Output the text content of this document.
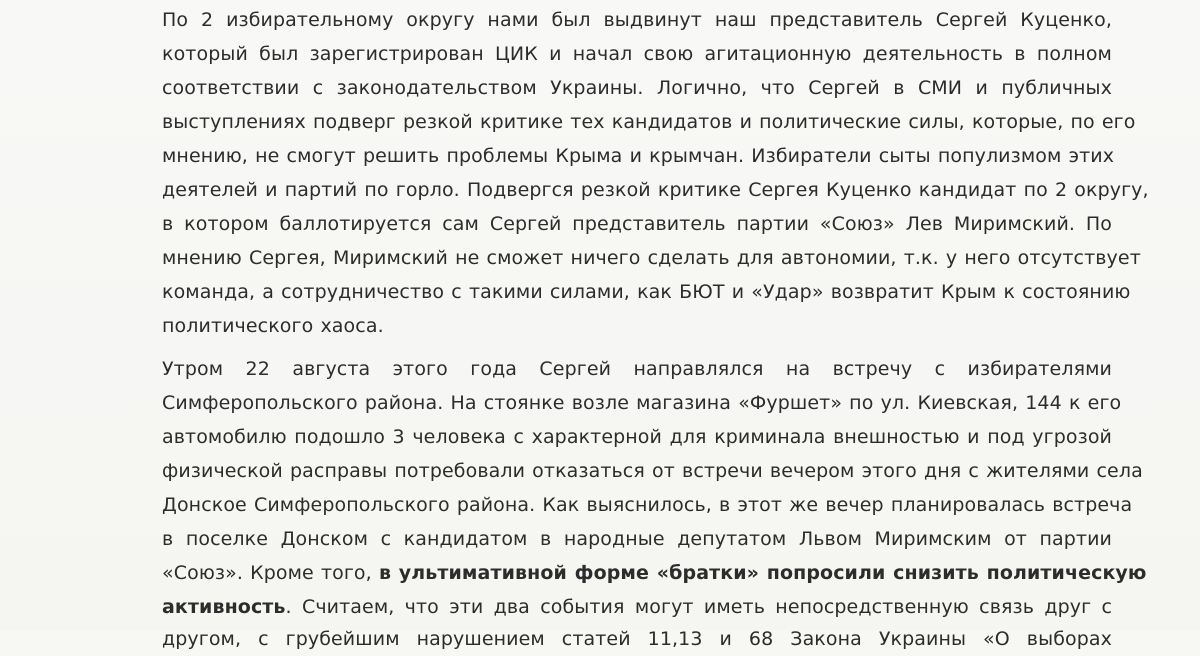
По 2 избирательному округу нами был выдвинут наш представитель Сергей Куценко,
который был зарегистрирован ЦИК и начал свою агитационную деятельность в полном
соответствии с законодательством Украины. Логично, что Сергей в СМИ и публичных
выступлениях подверг резкой критике тех кандидатов и политические силы, которые, по его
мнению, не смогут решить проблемы Крыма и крымчан. Избиратели сыты популизмом этих
деятелей и партий по горло. Подвергся резкой критике Сергея Куценко кандидат по 2 округу,
в котором баллотируется сам Сергей представитель партии «Союз» Лев Миримский. По
мнению Сергея, Миримский не сможет ничего сделать для автономии, т.к. у него отсутствует
команда, а сотрудничество с такими силами, как БЮТ и «Удар» возвратит Крым к состоянию
политического хаоса.
Утром 22 августа этого года Сергей направлялся на встречу с избирателями
Симферопольского района. На стоянке возле магазина «Фуршет» по ул. Киевская, 144 к его
автомобилю подошло 3 человека с характерной для криминала внешностью и под угрозой
физической расправы потребовали отказаться от встречи вечером этого дня с жителями села
Донское Симферопольского района. Как выяснилось, в этот же вечер планировалась встреча
в поселке Донском с кандидатом в народные депутатом Львом Миримским от партии
«Союз». Кроме того, в ультимативной форме «братки» попросили снизить политическую
активность. Считаем, что эти два события могут иметь непосредственную связь друг с
другом, с грубейшим нарушением статей 11,13 и 68 Закона Украины «О выборах
